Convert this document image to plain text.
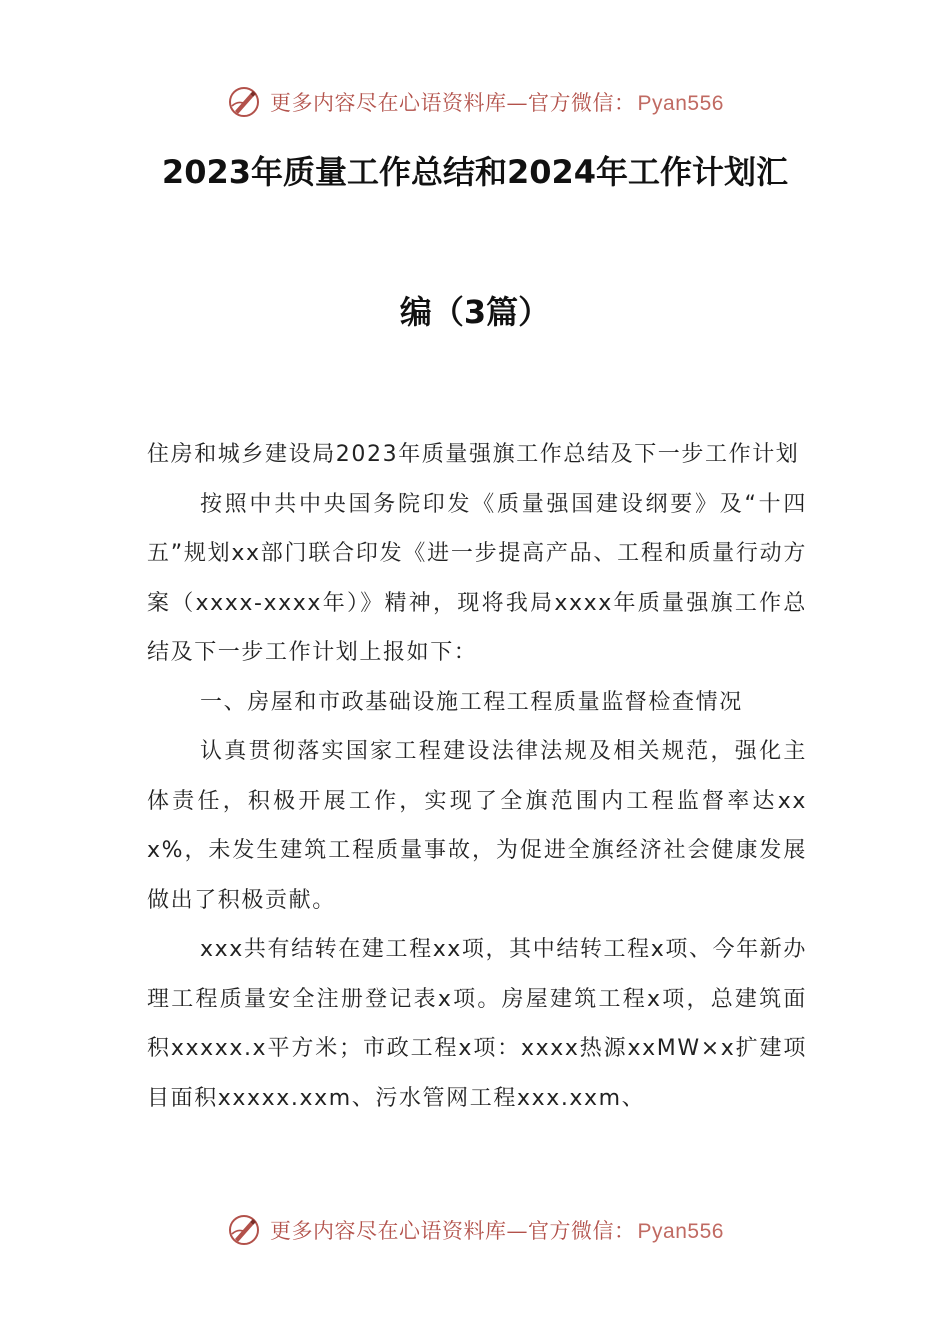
更多内容尽在心语资料库—官方微信：Pyan556
2023年质量工作总结和2024年工作计划汇
编（3篇）

住房和城乡建设局2023年质量强旗工作总结及下一步工作计划

按照中共中央国务院印发《质量强国建设纲要》及“十四五”规划xx部门联合印发《进一步提高产品、工程和质量行动方案（xxxx-xxxx年）》精神，现将我局xxxx年质量强旗工作总结及下一步工作计划上报如下：

一、房屋和市政基础设施工程工程质量监督检查情况

认真贯彻落实国家工程建设法律法规及相关规范，强化主体责任，积极开展工作，实现了全旗范围内工程监督率达xxx%，未发生建筑工程质量事故，为促进全旗经济社会健康发展做出了积极贡献。

xxx共有结转在建工程xx项，其中结转工程x项、今年新办理工程质量安全注册登记表x项。房屋建筑工程x项，总建筑面积xxxxx.x平方米；市政工程x项：xxxx热源xxMW×x扩建项目面积xxxxx.xxm、污水管网工程xxx.xxm、

更多内容尽在心语资料库—官方微信：Pyan556
